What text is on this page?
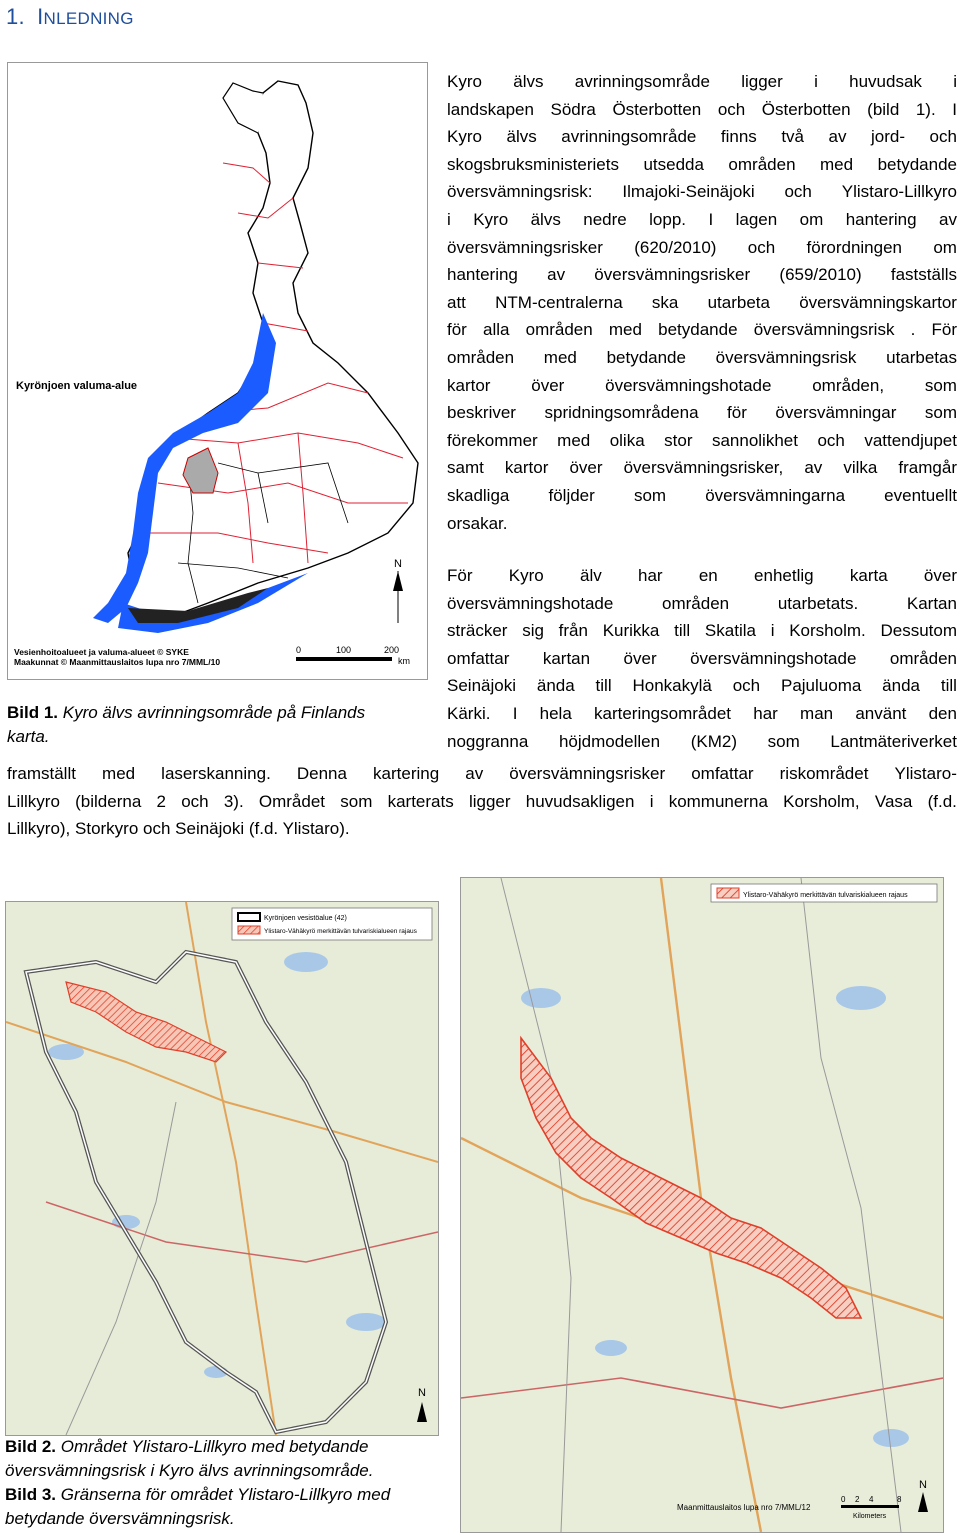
1. INLEDNING
Kyrönjoen valuma-alue
N
0	100	200
km
Vesienhoitoalueet ja valuma-alueet © SYKE
Maakunnat © Maanmittauslaitos lupa nro 7/MML/10
Kyro älvs avrinningsområde ligger i huvudsak i
landskapen Södra Österbotten och Österbotten (bild 1). I
Kyro älvs avrinningsområde finns två av jord- och
skogsbruksministeriets utsedda områden med betydande
översvämningsrisk: Ilmajoki-Seinäjoki och Ylistaro-Lillkyro
i Kyro älvs nedre lopp. I lagen om hantering av
översvämningsrisker (620/2010) och förordningen om
hantering av översvämningsrisker (659/2010) fastställs
att NTM-centralerna ska utarbeta översvämningskartor
för alla områden med betydande översvämningsrisk . För
områden med betydande översvämningsrisk utarbetas
kartor över översvämningshotade områden, som
beskriver spridningsområdena för översvämningar som
förekommer med olika stor sannolikhet och vattendjupet
samt kartor över översvämningsrisker, av vilka framgår
skadliga följder som översvämningarna eventuellt
orsakar.
För Kyro älv har en enhetlig karta över
översvämningshotade	områden	utarbetats.	Kartan
sträcker sig från Kurikka till Skatila i Korsholm. Dessutom
omfattar kartan över översvämningshotade områden
Seinäjoki ända till Honkakylä och Pajuluoma ända till
Kärki. I hela karteringsområdet har man använt den
noggranna höjdmodellen (KM2) som Lantmäteriverket
Bild 1. Kyro älvs avrinningsområde på Finlands
karta.
framställt med laserskanning. Denna kartering av översvämningsrisker omfattar riskområdet Ylistaro-
Lillkyro (bilderna 2 och 3). Området som karterats ligger huvudsakligen i kommunerna Korsholm, Vasa (f.d.
Lillkyro), Storkyro och Seinäjoki (f.d. Ylistaro).
Kyrönjoen vesistöalue (42)
Ylistaro-Vähäkyrö merkittävän tulvariskialueen rajaus
N
Ylistaro-Vähäkyrö merkittävän tulvariskialueen rajaus
N
Maanmittauslaitos lupa nro 7/MML/12
0 2 4	8
Kilometers
Bild 2. Området Ylistaro-Lillkyro med betydande
översvämningsrisk i Kyro älvs avrinningsområde.
Bild 3. Gränserna för området Ylistaro-Lillkyro med
betydande översvämningsrisk.
